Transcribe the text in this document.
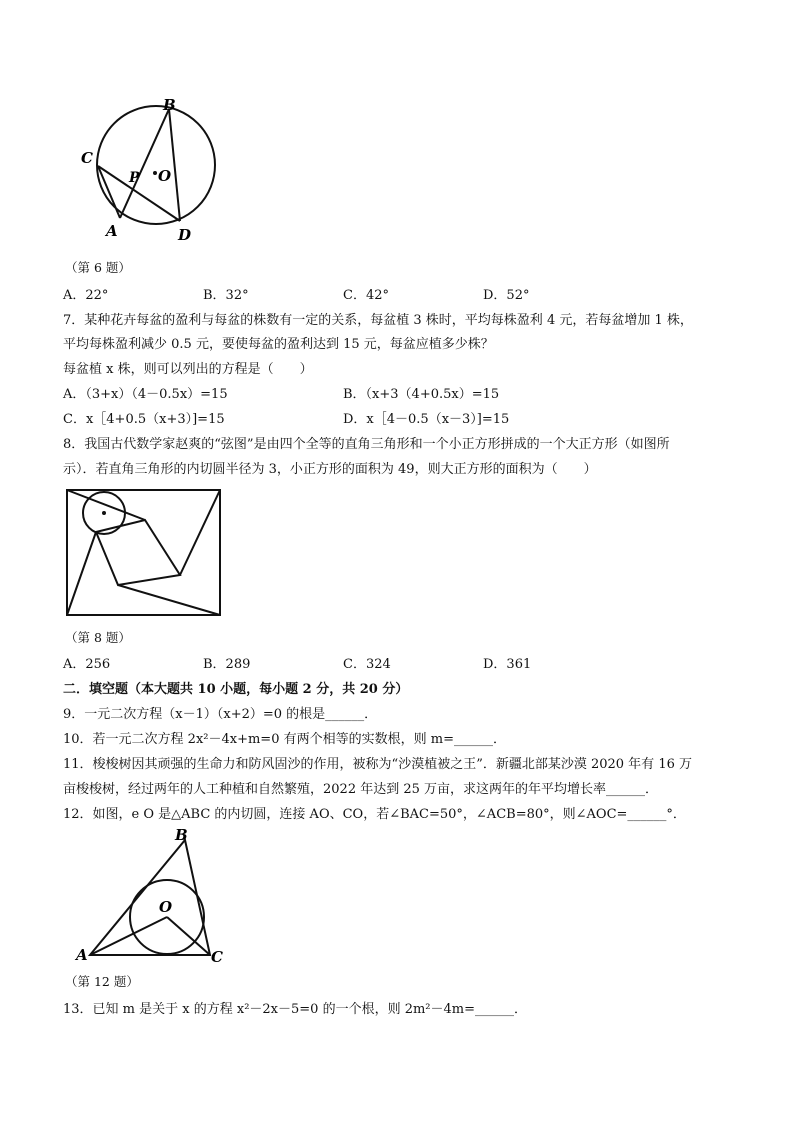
B
C
P O
A	D
（第 6 题）
A．22°	B．32°	C．42°	D．52°
7．某种花卉每盆的盈利与每盆的株数有一定的关系，每盆植 3 株时，平均每株盈利 4 元，若每盆增加 1 株，
平均每株盈利减少 0.5 元，要使每盆的盈利达到 15 元，每盆应植多少株？
每盆植 x 株，则可以列出的方程是（　　）
A．（3+x）（4－0.5x）=15	B．（x+3（4+0.5x）=15
C．x［4+0.5（x+3）]=15	D．x［4－0.5（x－3）]=15
8．我国古代数学家赵爽的“弦图”是由四个全等的直角三角形和一个小正方形拼成的一个大正方形（如图所
示）．若直角三角形的内切圆半径为 3，小正方形的面积为 49，则大正方形的面积为（　　）
（第 8 题）
A．256	B．289	C．324	D．361
二．填空题（本大题共 10 小题，每小题 2 分，共 20 分）
9．一元二次方程（x－1）（x+2）=0 的根是______．
10．若一元二次方程 2x²－4x+m=0 有两个相等的实数根，则 m=______．
11．梭梭树因其顽强的生命力和防风固沙的作用，被称为“沙漠植被之王”．新疆北部某沙漠 2020 年有 16 万
亩梭梭树，经过两年的人工种植和自然繁殖，2022 年达到 25 万亩，求这两年的年平均增长率______．
12．如图，e O 是△ABC 的内切圆，连接 AO、CO，若∠BAC=50°，∠ACB=80°，则∠AOC=______°．
B
O
A	C
（第 12 题）
13．已知 m 是关于 x 的方程 x²－2x－5=0 的一个根，则 2m²－4m=______．
